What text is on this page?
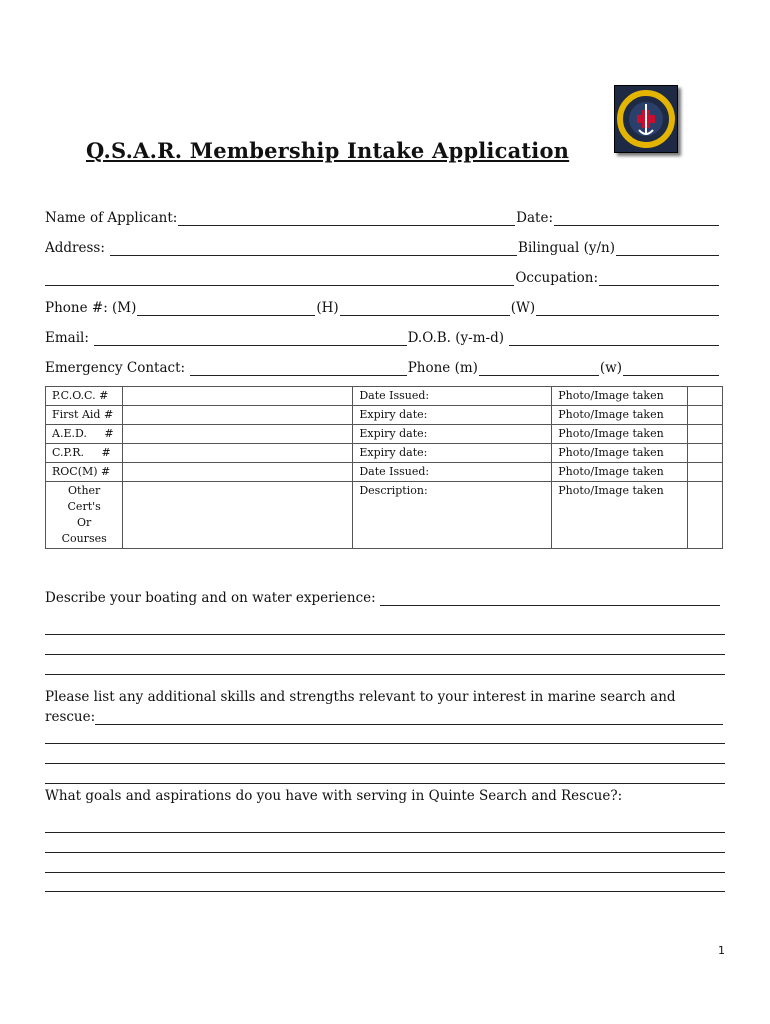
Q.S.A.R. Membership Intake Application
Name of Applicant:	Date:
Address:	Bilingual (y/n)
Occupation:
Phone #: (M)	(H)	(W)
Email:	D.O.B. (y-m-d)
Emergency Contact:	Phone (m)	(w)
P.C.O.C. #		Date Issued:	Photo/Image taken	
First Aid #		Expiry date:	Photo/Image taken	
A.E.D.     #		Expiry date:	Photo/Image taken	
C.P.R.     #		Expiry date:	Photo/Image taken	
ROC(M) #		Date Issued:	Photo/Image taken	

Other
Cert's
Or
Courses		Description:	Photo/Image taken	
Describe your boating and on water experience:
Please list any additional skills and strengths relevant to your interest in marine search and
rescue:
What goals and aspirations do you have with serving in Quinte Search and Rescue?:
1
